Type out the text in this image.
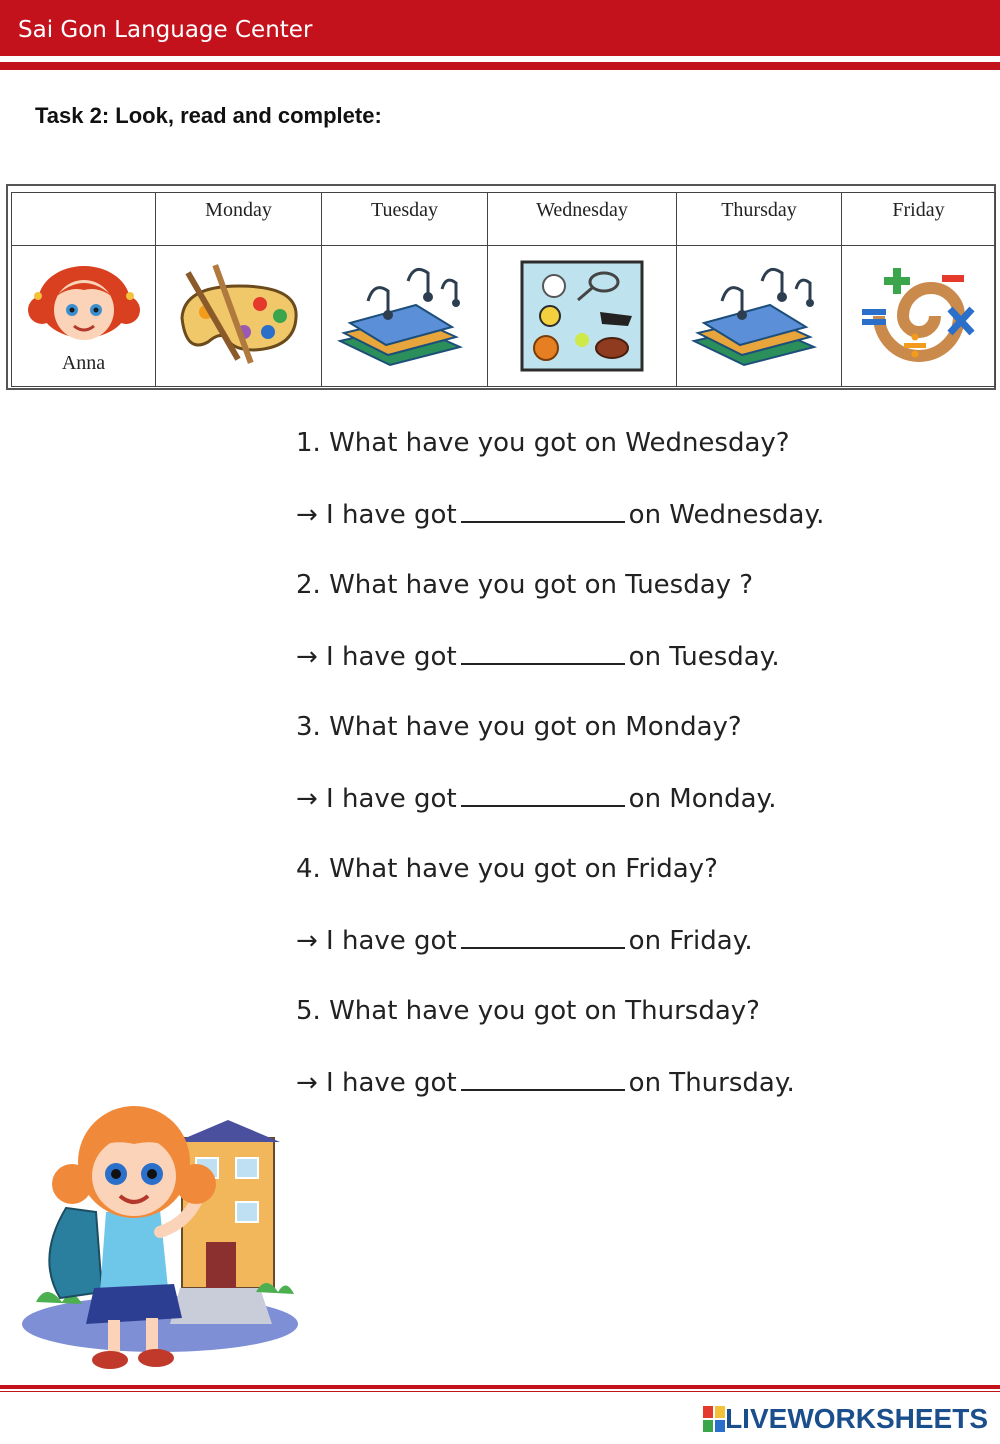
Sai Gon Language Center
Task 2: Look, read and complete:
	Monday	Tuesday	Wednesday	Thursday	Friday

Anna

1. What have you got on Wednesday?
→ I have got	on Wednesday.
2. What have you got on Tuesday ?
→ I have got	on Tuesday.
3. What have you got on Monday?
→ I have got	on Monday.
4. What have you got on Friday?
→ I have got	on Friday.
5. What have you got on Thursday?
→ I have got	on Thursday.
LIVEWORKSHEETS
